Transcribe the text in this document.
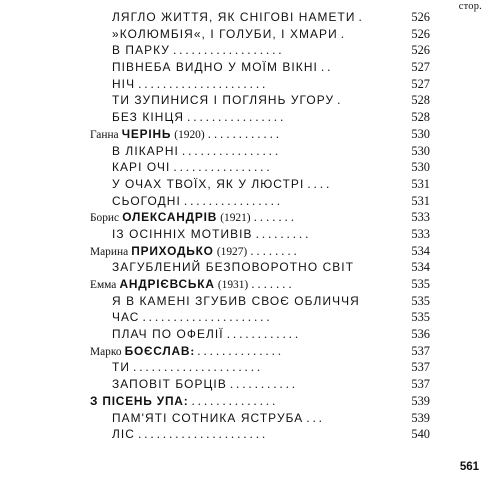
стор.
ЛЯГЛО ЖИТТЯ, ЯК СНІГОВІ НАМЕТИ .	526
»КОЛЮМБІЯ«, І ГОЛУБИ, І ХМАРИ .	526
В ПАРКУ . . . . . . . . . . . . . . . . . .	526
ПІВНЕБА ВИДНО У МОЇМ ВІКНІ . .	527
НІЧ . . . . . . . . . . . . . . . . . . . . .	527
ТИ ЗУПИНИСЯ І ПОГЛЯНЬ УГОРУ .	528
БЕЗ КІНЦЯ . . . . . . . . . . . . . . . .	528
Ганна ЧЕРІНЬ (1920) . . . . . . . . . . . .	530
В ЛІКАРНІ . . . . . . . . . . . . . . . .	530
КАРІ ОЧІ . . . . . . . . . . . . . . . .	530
У ОЧАХ ТВОЇХ, ЯК У ЛЮСТРІ . . . .	531
СЬОГОДНІ . . . . . . . . . . . . . . . .	531
Борис ОЛЕКСАНДРІВ (1921) . . . . . . .	533
ІЗ ОСІННІХ МОТИВІВ . . . . . . . . .	533
Марина ПРИХОДЬКО (1927) . . . . . . . .	534
ЗАГУБЛЕНИЙ БЕЗПОВОРОТНО СВІТ	534
Емма АНДРІЄВСЬКА (1931) . . . . . . .	535
Я В КАМЕНІ ЗГУБИВ СВОЄ ОБЛИЧЧЯ	535
ЧАС . . . . . . . . . . . . . . . . . . . . .	535
ПЛАЧ ПО ОФЕЛІЇ . . . . . . . . . . . .	536
Марко БОЄСЛАВ: . . . . . . . . . . . . . .	537
ТИ . . . . . . . . . . . . . . . . . . . . .	537
ЗАПОВІТ БОРЦІВ . . . . . . . . . . .	537
З ПІСЕНЬ УПА: . . . . . . . . . . . . . .	539
ПАМ'ЯТІ СОТНИКА ЯСТРУБА . . .	539
ЛІС . . . . . . . . . . . . . . . . . . . . .	540
561
